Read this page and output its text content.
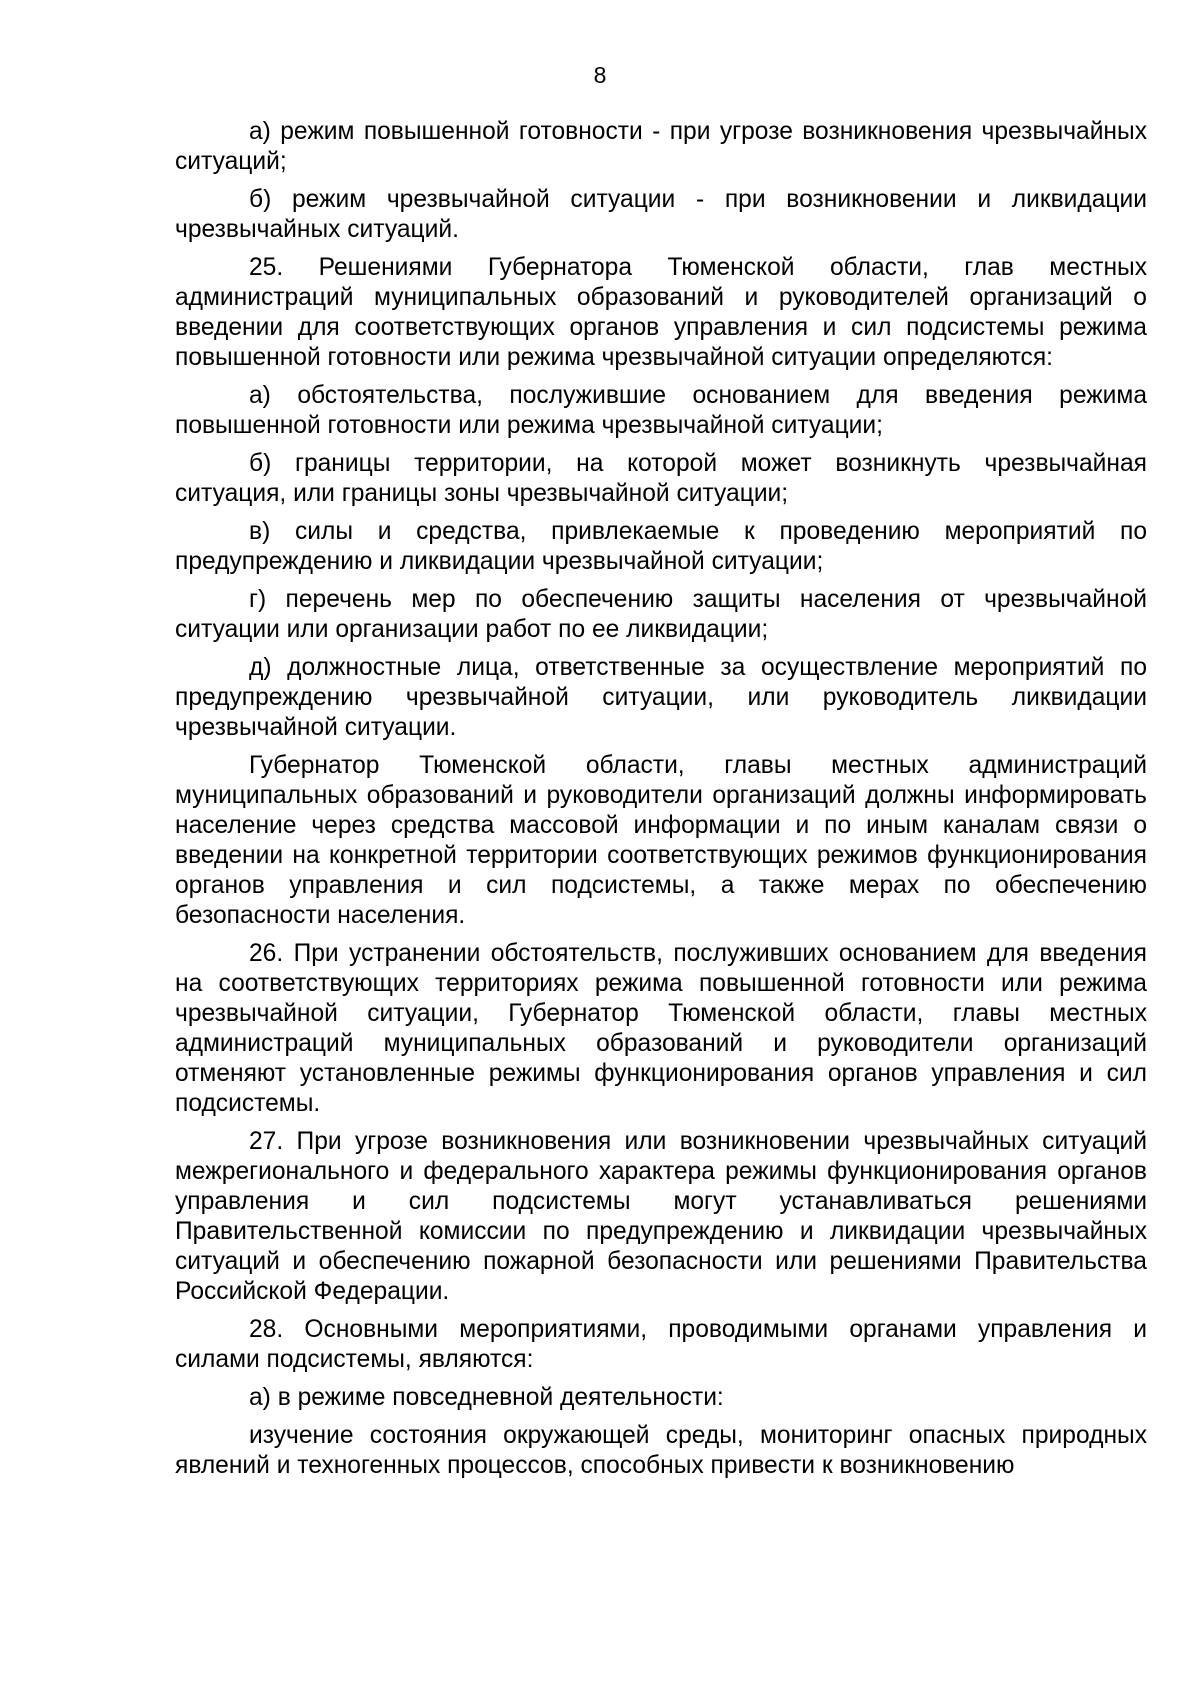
8

а) режим повышенной готовности - при угрозе возникновения чрезвычайных ситуаций;

б) режим чрезвычайной ситуации - при возникновении и ликвидации чрезвычайных ситуаций.

25. Решениями Губернатора Тюменской области, глав местных администраций муниципальных образований и руководителей организаций о введении для соответствующих органов управления и сил подсистемы режима повышенной готовности или режима чрезвычайной ситуации определяются:

а) обстоятельства, послужившие основанием для введения режима повышенной готовности или режима чрезвычайной ситуации;

б) границы территории, на которой может возникнуть чрезвычайная ситуация, или границы зоны чрезвычайной ситуации;

в) силы и средства, привлекаемые к проведению мероприятий по предупреждению и ликвидации чрезвычайной ситуации;

г) перечень мер по обеспечению защиты населения от чрезвычайной ситуации или организации работ по ее ликвидации;

д) должностные лица, ответственные за осуществление мероприятий по предупреждению чрезвычайной ситуации, или руководитель ликвидации чрезвычайной ситуации.

Губернатор Тюменской области, главы местных администраций муниципальных образований и руководители организаций должны информировать население через средства массовой информации и по иным каналам связи о введении на конкретной территории соответствующих режимов функционирования органов управления и сил подсистемы, а также мерах по обеспечению безопасности населения.

26. При устранении обстоятельств, послуживших основанием для введения на соответствующих территориях режима повышенной готовности или режима чрезвычайной ситуации, Губернатор Тюменской области, главы местных администраций муниципальных образований и руководители организаций отменяют установленные режимы функционирования органов управления и сил подсистемы.

27. При угрозе возникновения или возникновении чрезвычайных ситуаций межрегионального и федерального характера режимы функционирования органов управления и сил подсистемы могут устанавливаться решениями Правительственной комиссии по предупреждению и ликвидации чрезвычайных ситуаций и обеспечению пожарной безопасности или решениями Правительства Российской Федерации.

28. Основными мероприятиями, проводимыми органами управления и силами подсистемы, являются:

а) в режиме повседневной деятельности:

изучение состояния окружающей среды, мониторинг опасных природных явлений и техногенных процессов, способных привести к возникновению
